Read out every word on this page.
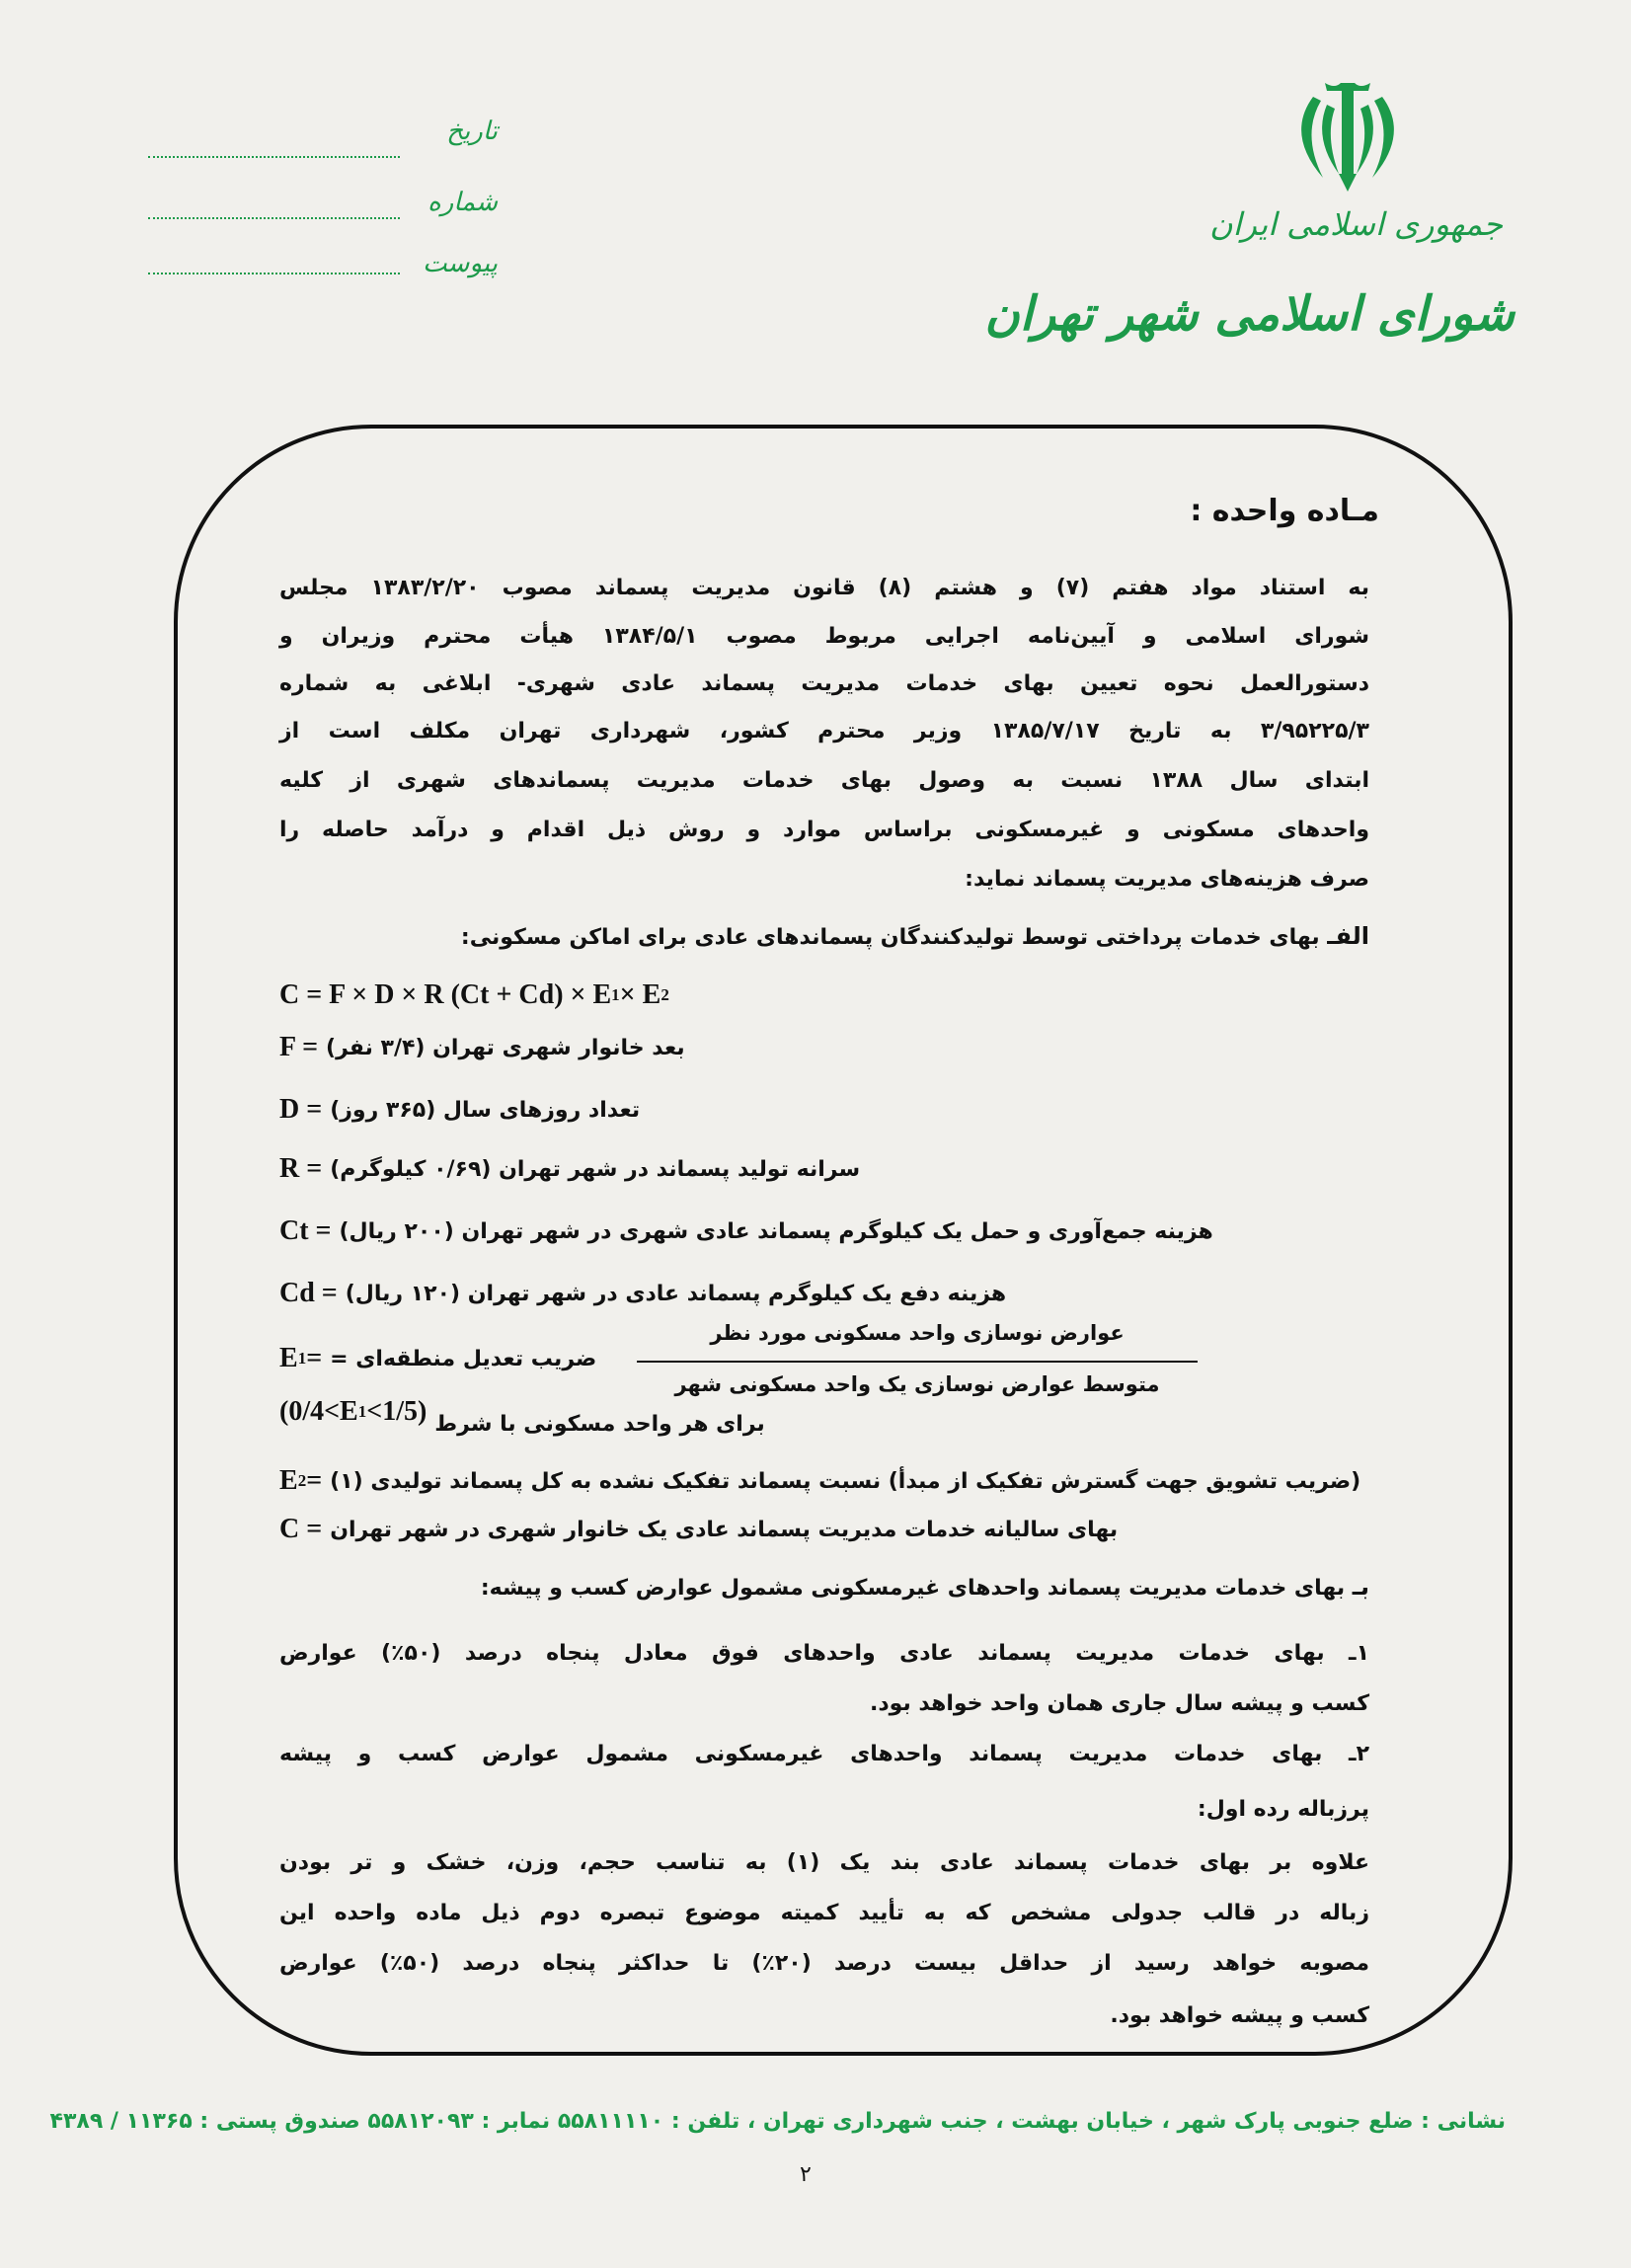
جمهوری اسلامی ایران
شورای اسلامی شهر تهران
تاریخ
شماره
پیوست
مـاده واحده :
به استناد مواد هفتم (۷) و هشتم (۸) قانون مدیریت پسماند مصوب ۱۳۸۳/۲/۲۰ مجلس
شورای اسلامی و آیین‌نامه اجرایی مربوط مصوب ۱۳۸۴/۵/۱ هیأت محترم وزیران و
دستورالعمل نحوه تعیین بهای خدمات مدیریت پسماند عادی شهری- ابلاغی به شماره
۳/۹۵۲۲۵/۳ به تاریخ ۱۳۸۵/۷/۱۷ وزیر محترم کشور، شهرداری تهران مکلف است از
ابتدای سال ۱۳۸۸ نسبت به وصول بهای خدمات مدیریت پسماندهای شهری از کلیه
واحدهای مسکونی و غیرمسکونی براساس موارد و روش ذیل اقدام و درآمد حاصله را
صرف هزینه‌های مدیریت پسماند نماید:
الفـ بهای خدمات پرداختی توسط تولیدکنندگان پسماندهای عادی برای اماکن مسکونی:
C = F × D × R (Ct + Cd) × E 1 × E 2
F = بعد خانوار شهری تهران (۳/۴ نفر)
D = تعداد روزهای سال (۳۶۵ روز)
R = سرانه تولید پسماند در شهر تهران (۰/۶۹ کیلوگرم)
Ct = هزینه جمع‌آوری و حمل یک کیلوگرم پسماند عادی شهری در شهر تهران (۲۰۰ ریال)
Cd = هزینه دفع یک کیلوگرم پسماند عادی در شهر تهران (۱۲۰ ریال)
E 1 = ضریب تعدیل منطقه‌ای =
عوارض نوسازی واحد مسکونی مورد نظر
متوسط عوارض نوسازی یک واحد مسکونی شهر
(0/4<E 1 <1/5) برای هر واحد مسکونی با شرط
E 2 = (ضریب تشویق جهت گسترش تفکیک از مبدأ) نسبت پسماند تفکیک نشده به کل پسماند تولیدی (۱)
C = بهای سالیانه خدمات مدیریت پسماند عادی یک خانوار شهری در شهر تهران
بـ بهای خدمات مدیریت پسماند واحدهای غیرمسکونی مشمول عوارض کسب و پیشه:
۱ـ بهای خدمات مدیریت پسماند عادی واحدهای فوق معادل پنجاه درصد (۵۰٪) عوارض
کسب و پیشه سال جاری همان واحد خواهد بود.
۲ـ بهای خدمات مدیریت پسماند واحدهای غیرمسکونی مشمول عوارض کسب و پیشه
پرزباله رده اول:
علاوه بر بهای خدمات پسماند عادی بند یک (۱) به تناسب حجم، وزن، خشک و تر بودن
زباله در قالب جدولی مشخص که به تأیید کمیته موضوع تبصره دوم ذیل ماده واحده این
مصوبه خواهد رسید از حداقل بیست درصد (۲۰٪) تا حداکثر پنجاه درصد (۵۰٪) عوارض
کسب و پیشه خواهد بود.
نشانی : ضلع جنوبی پارک شهر ، خیابان بهشت ، جنب شهرداری تهران ، تلفن : ۵۵۸۱۱۱۱۰ نمابر : ۵۵۸۱۲۰۹۳ صندوق پستی : ۱۱۳۶۵ / ۴۳۸۹
۲
